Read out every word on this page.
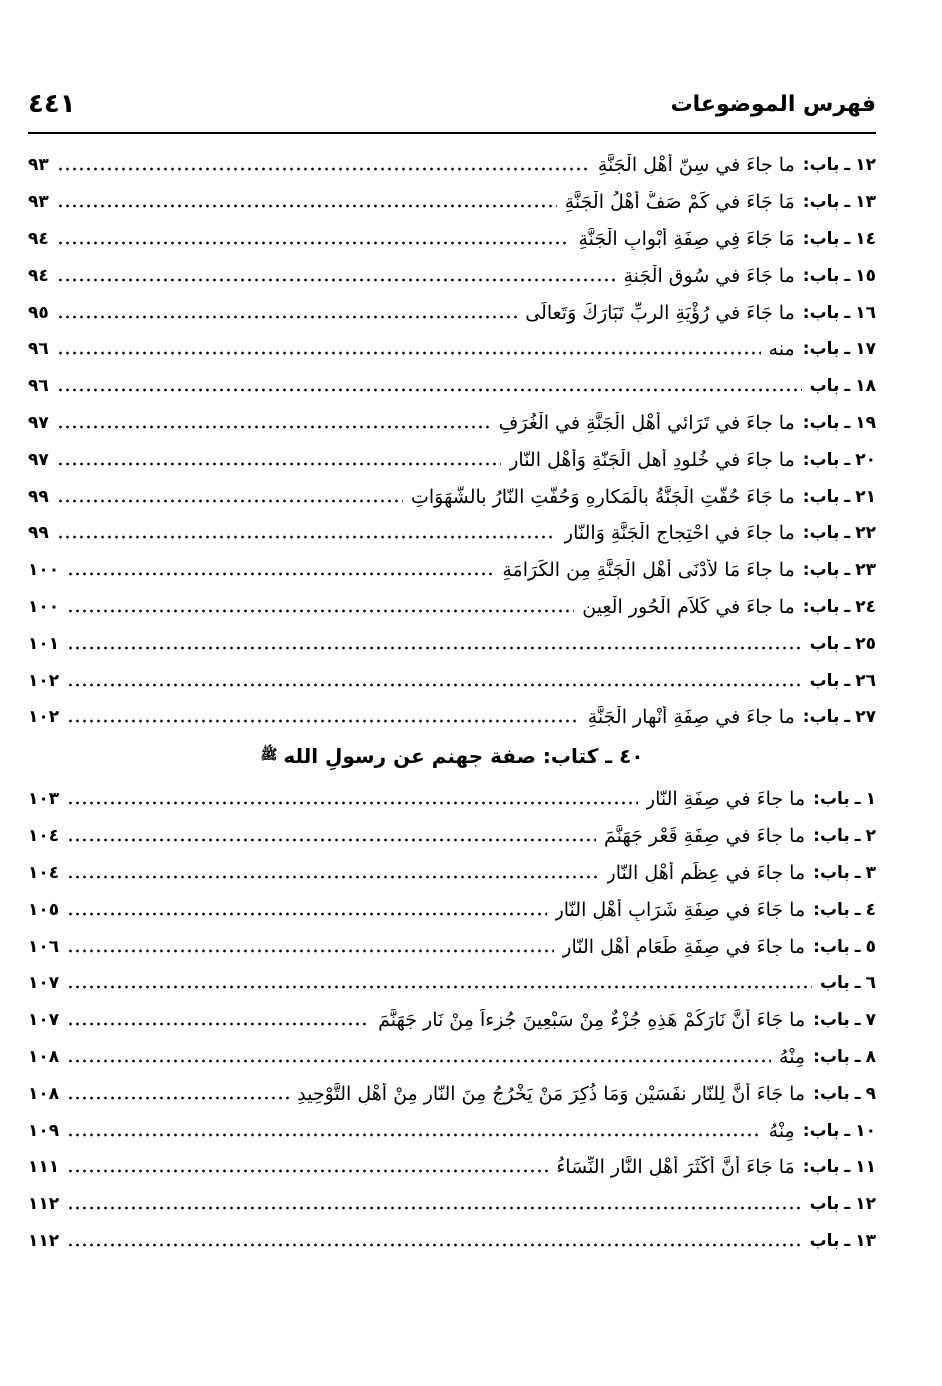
فهرس الموضوعات
٤٤١
١٢
ـ
باب
:
ما جاءَ في سِنّ أَهْلِ الْجَنَّةِ
٩٣
١٣
ـ
باب
:
مَا جَاءَ في كَمْ صَفُّ أَهْلُ الْجَنَّةِ
٩٣
١٤
ـ
باب
:
مَا جَاءَ فِي صِفَةِ أَبْوابِ الْجَنَّةِ
٩٤
١٥
ـ
باب
:
ما جَاءَ في سُوقِ الْجَنةِ
٩٤
١٦
ـ
باب
:
ما جَاءَ في رُؤْيَةِ الربِّ تَبَارَكَ وَتَعالَى
٩٥
١٧
ـ
باب
:
منه
٩٦
١٨
ـ
باب
٩٦
١٩
ـ
باب
:
ما جاءَ في تَرَائي أَهْلِ الْجَنَّةِ في الْغُرَفِ
٩٧
٢٠
ـ
باب
:
ما جاءَ في خُلودِ أَهلِ الْجَنّةِ وَأَهْلِ النّارِ
٩٧
٢١
ـ
باب
:
ما جَاءَ حُفَّتِ الْجَنَّةُ بالْمَكارِهِ وَحُفَّتِ النّارُ بالشَّهَوَاتِ
٩٩
٢٢
ـ
باب
:
ما جاءَ في احْتِجاجِ الْجَنَّةِ وَالنّار
٩٩
٢٣
ـ
باب
:
ما جاءَ مَا لأَدْنَى أَهْلِ الْجَنَّةِ مِن الكَرَامَةِ
١٠٠
٢٤
ـ
باب
:
ما جاءَ في كَلاَمِ الْحُورِ الْعِينِ
١٠٠
٢٥
ـ
باب
١٠١
٢٦
ـ
باب
١٠٢
٢٧
ـ
باب
:
ما جاءَ في صِفَةِ أَنْهارِ الْجَنَّةِ
١٠٢
٤٠ ـ كتاب: صفة جهنم عن رسولِ الله
ﷺ
١
ـ
باب
:
ما جاءَ في صِفَةِ النّارِ
١٠٣
٢
ـ
باب
:
ما جاءَ في صِفَةِ قَعْرِ جَهَنَّمَ
١٠٤
٣
ـ
باب
:
ما جاءَ في عِظَمِ أَهْلِ النّارِ
١٠٤
٤
ـ
باب
:
ما جَاءَ في صِفَةِ شَرَابِ أَهْلِ النّار
١٠٥
٥
ـ
باب
:
ما جاءَ في صِفَةِ طَعَامِ أَهْلِ النّارِ
١٠٦
٦
ـ
باب
١٠٧
٧
ـ
باب
:
ما جَاءَ أَنَّ نَارَكُمْ هَذِهِ جُزْءٌ مِنْ سَبْعِينَ جُزءاً مِنْ نَارِ جَهَنَّمَ
١٠٧
٨
ـ
باب
:
مِنْهُ
١٠٨
٩
ـ
باب
:
ما جَاءَ أَنَّ لِلنّارِ نفَسَيْنِ وَمَا ذُكِرَ مَنْ يَخْرُجُ مِنَ النّارِ مِنْ أَهْلِ التَّوْحِيدِ
١٠٨
١٠
ـ
باب
:
مِنْهُ
١٠٩
١١
ـ
باب
:
مَا جَاءَ أَنَّ أَكْثَرَ أَهْلِ النَّارِ النِّسَاءُ
١١١
١٢
ـ
باب
١١٢
١٣
ـ
باب
١١٢
